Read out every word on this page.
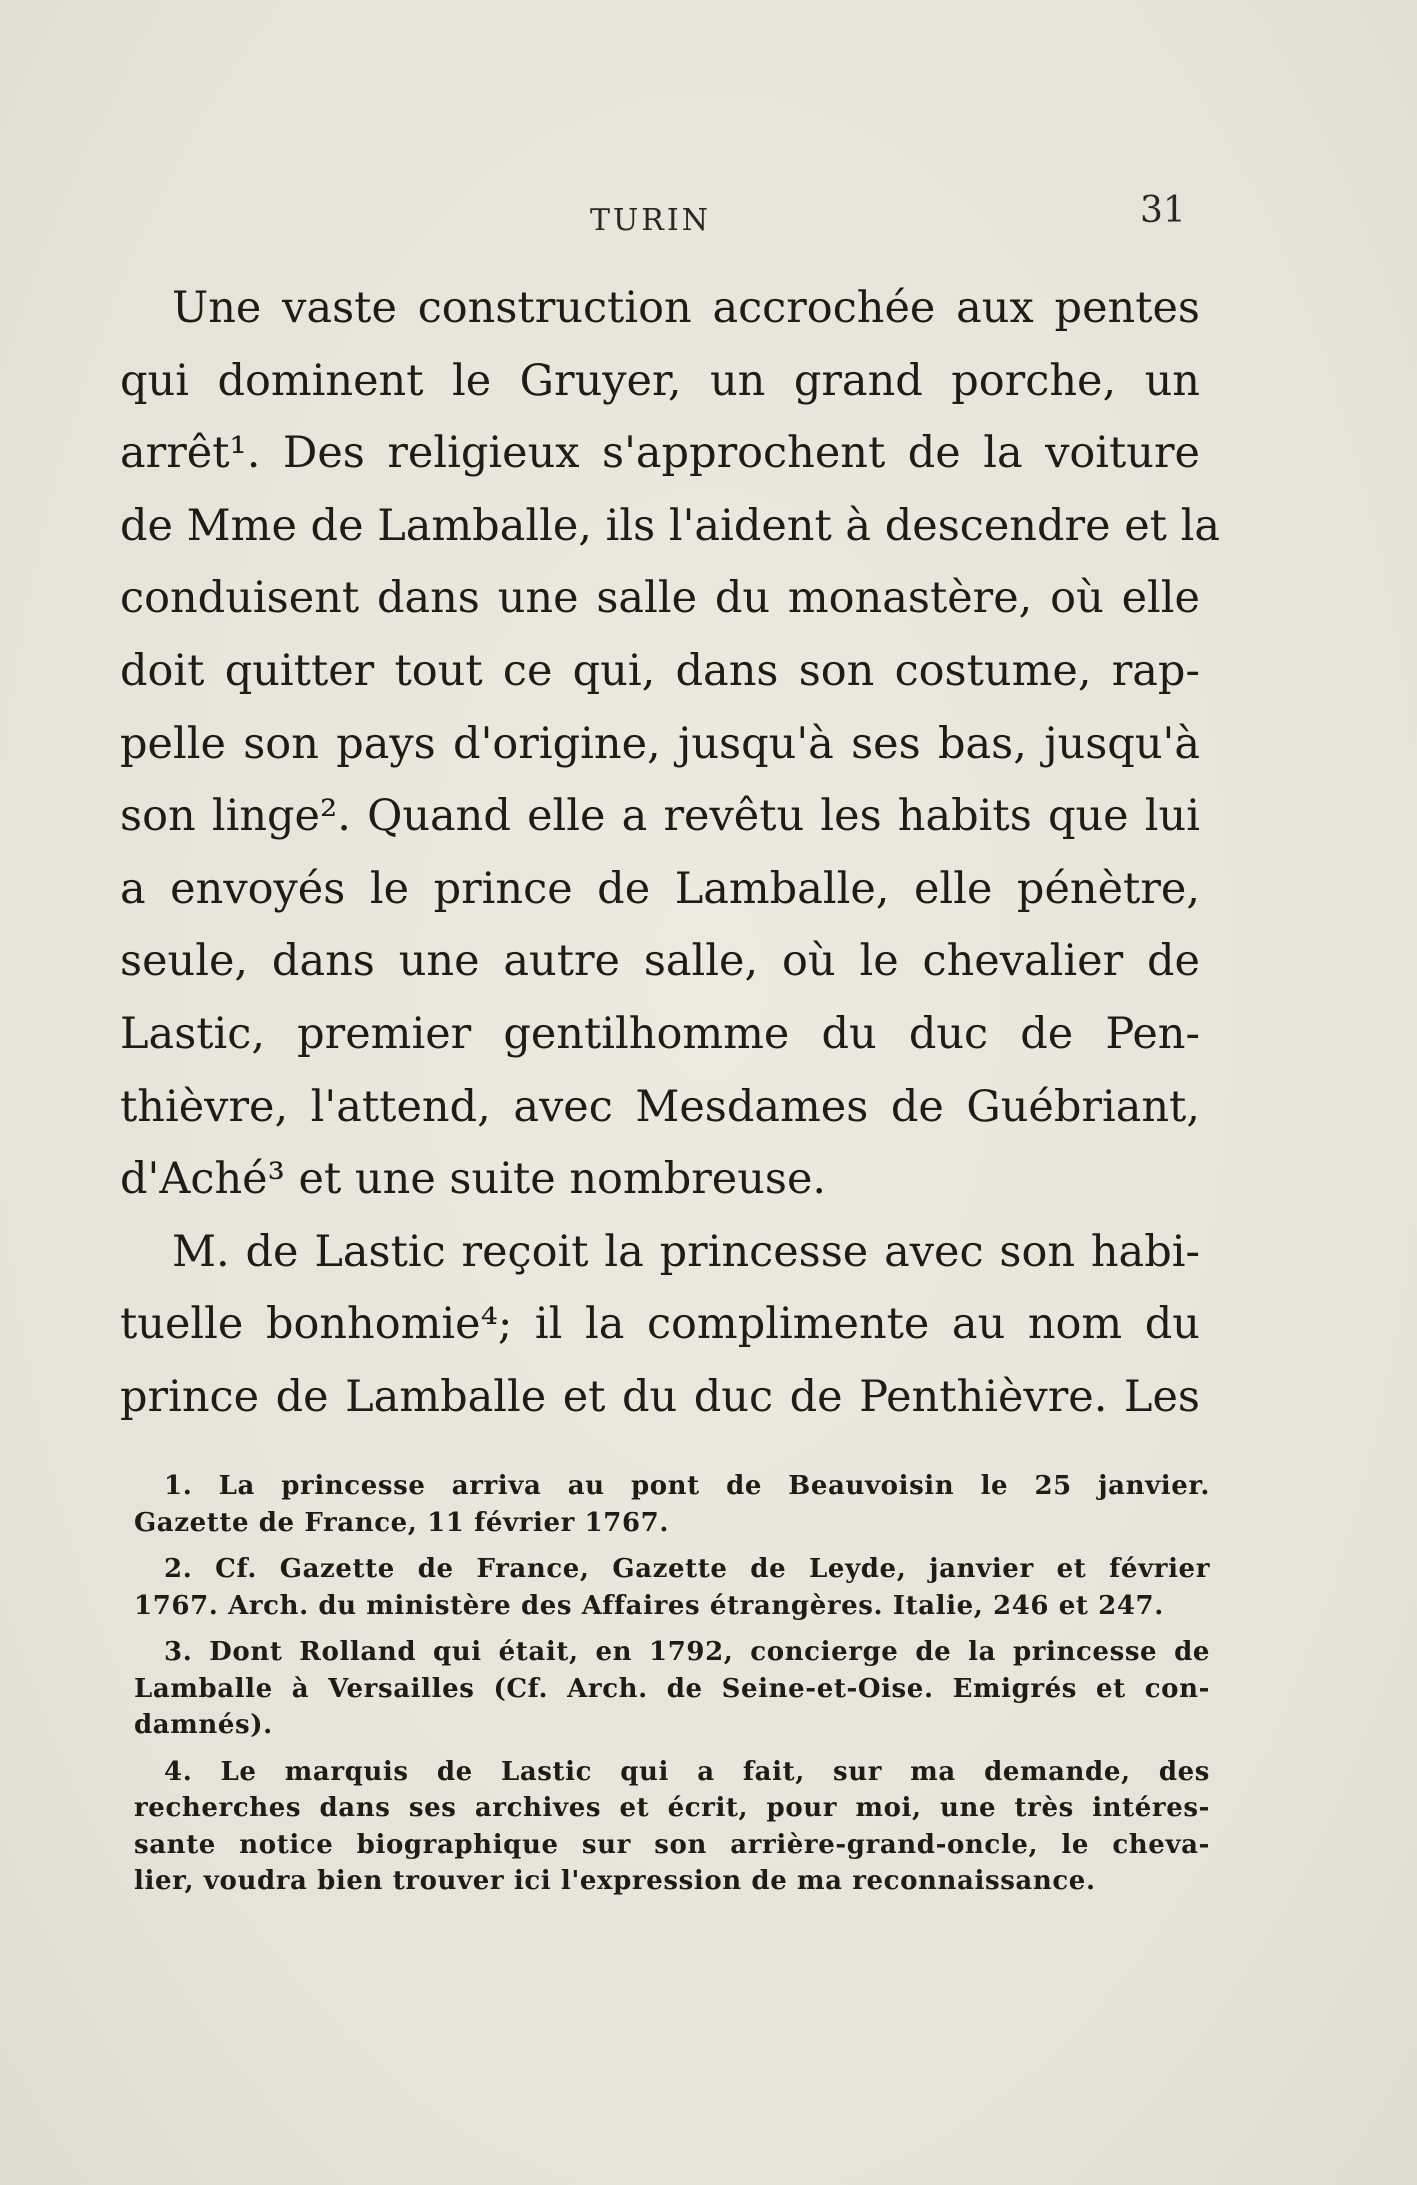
TURIN	31
Une vaste construction accrochée aux pentes
qui dominent le Gruyer, un grand porche, un
arrêt¹. Des religieux s'approchent de la voiture
de Mme de Lamballe, ils l'aident à descendre et la
conduisent dans une salle du monastère, où elle
doit quitter tout ce qui, dans son costume, rap-
pelle son pays d'origine, jusqu'à ses bas, jusqu'à
son linge². Quand elle a revêtu les habits que lui
a envoyés le prince de Lamballe, elle pénètre,
seule, dans une autre salle, où le chevalier de
Lastic, premier gentilhomme du duc de Pen-
thièvre, l'attend, avec Mesdames de Guébriant,
d'Aché³ et une suite nombreuse.
M. de Lastic reçoit la princesse avec son habi-
tuelle bonhomie⁴; il la complimente au nom du
prince de Lamballe et du duc de Penthièvre. Les
1. La princesse arriva au pont de Beauvoisin le 25 janvier.
Gazette de France, 11 février 1767.
2. Cf. Gazette de France, Gazette de Leyde, janvier et février
1767. Arch. du ministère des Affaires étrangères. Italie, 246 et 247.
3. Dont Rolland qui était, en 1792, concierge de la princesse de
Lamballe à Versailles (Cf. Arch. de Seine-et-Oise. Emigrés et con-
damnés).
4. Le marquis de Lastic qui a fait, sur ma demande, des
recherches dans ses archives et écrit, pour moi, une très intéres-
sante notice biographique sur son arrière-grand-oncle, le cheva-
lier, voudra bien trouver ici l'expression de ma reconnaissance.
